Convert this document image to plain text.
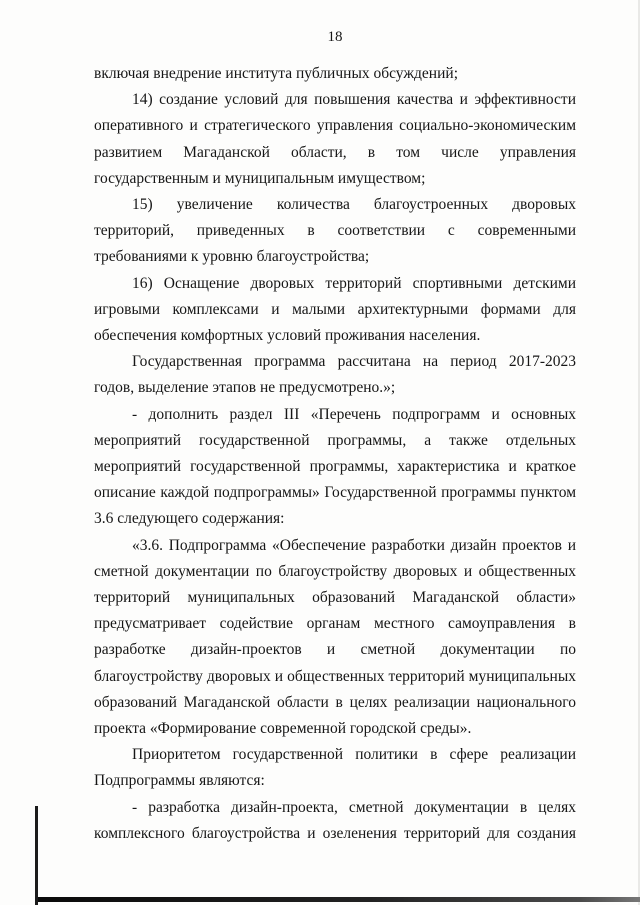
18

включая внедрение института публичных обсуждений;

14) создание условий для повышения качества и эффективности оперативного и стратегического управления социально-экономическим развитием Магаданской области, в том числе управления государственным и муниципальным имуществом;

15) увеличение количества благоустроенных дворовых территорий, приведенных в соответствии с современными требованиями к уровню благоустройства;

16) Оснащение дворовых территорий спортивными детскими игровыми комплексами и малыми архитектурными формами для обеспечения комфортных условий проживания населения.

Государственная программа рассчитана на период 2017-2023 годов, выделение этапов не предусмотрено.»;

- дополнить раздел III «Перечень подпрограмм и основных мероприятий государственной программы, а также отдельных мероприятий государственной программы, характеристика и краткое описание каждой подпрограммы» Государственной программы пунктом 3.6 следующего содержания:

«3.6. Подпрограмма «Обеспечение разработки дизайн проектов и сметной документации по благоустройству дворовых и общественных территорий муниципальных образований Магаданской области» предусматривает содействие органам местного самоуправления в разработке дизайн-проектов и сметной документации по благоустройству дворовых и общественных территорий муниципальных образований Магаданской области в целях реализации национального проекта «Формирование современной городской среды».

Приоритетом государственной политики в сфере реализации Подпрограммы являются:

- разработка дизайн-проекта, сметной документации в целях комплексного благоустройства и озеленения территорий для создания
